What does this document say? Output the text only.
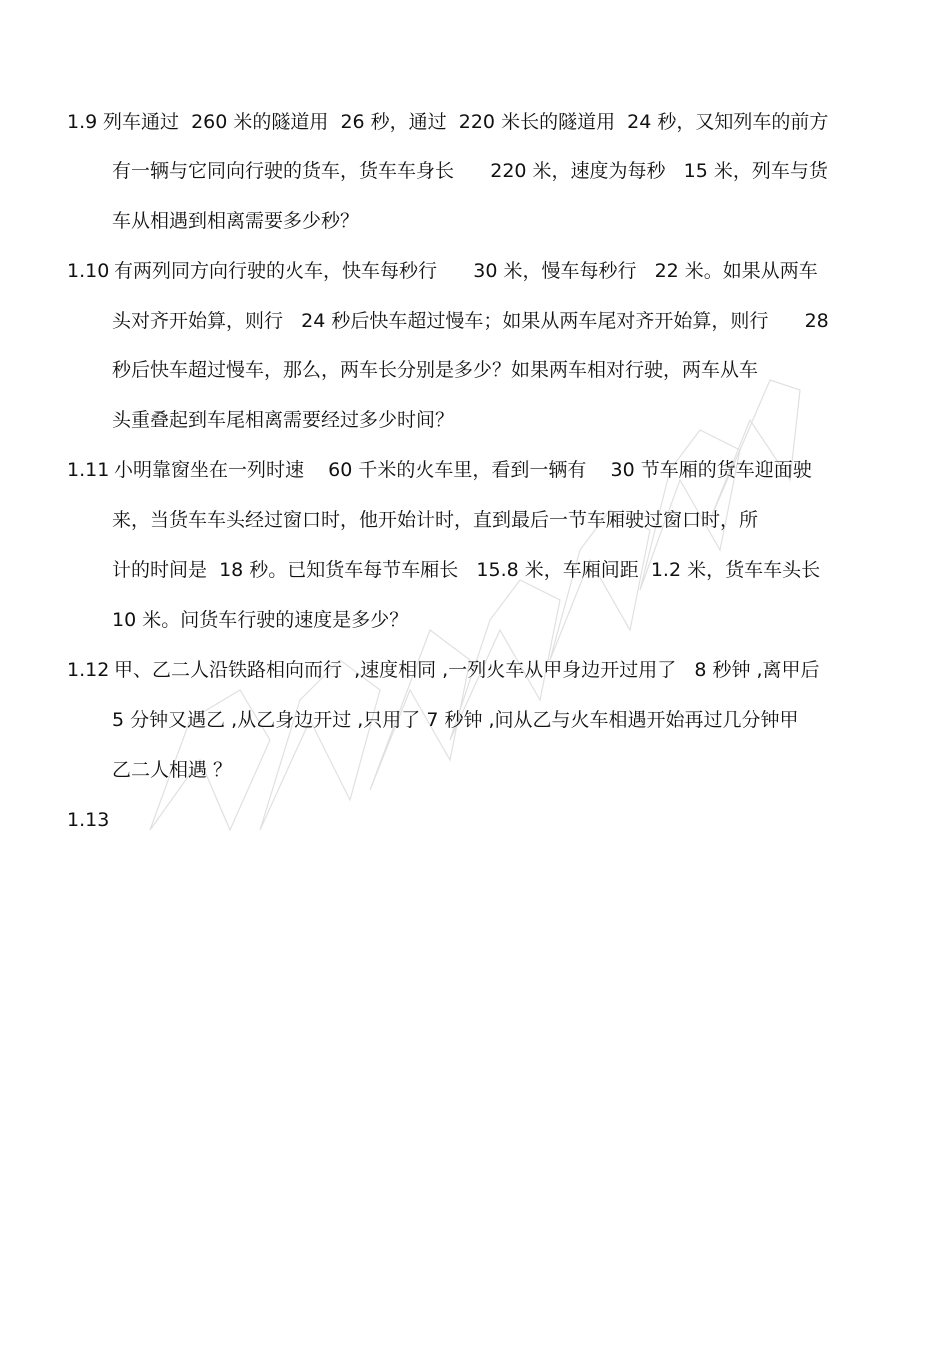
1.9 列车通过  260 米的隧道用  26 秒，通过  220 米长的隧道用  24 秒，又知列车的前方
有一辆与它同向行驶的货车，货车车身长      220 米，速度为每秒   15 米，列车与货
车从相遇到相离需要多少秒？
1.10 有两列同方向行驶的火车，快车每秒行      30 米，慢车每秒行   22 米。如果从两车
头对齐开始算，则行   24 秒后快车超过慢车；如果从两车尾对齐开始算，则行      28
秒后快车超过慢车，那么，两车长分别是多少？如果两车相对行驶，两车从车
头重叠起到车尾相离需要经过多少时间？
1.11 小明靠窗坐在一列时速    60 千米的火车里，看到一辆有    30 节车厢的货车迎面驶
来，当货车车头经过窗口时，他开始计时，直到最后一节车厢驶过窗口时，所
计的时间是  18 秒。已知货车每节车厢长   15.8 米，车厢间距  1.2 米，货车车头长
10 米。问货车行驶的速度是多少？
1.12 甲、乙二人沿铁路相向而行  ,速度相同 ,一列火车从甲身边开过用了   8 秒钟 ,离甲后
5 分钟又遇乙 ,从乙身边开过 ,只用了 7 秒钟 ,问从乙与火车相遇开始再过几分钟甲
乙二人相遇 ？
1.13
